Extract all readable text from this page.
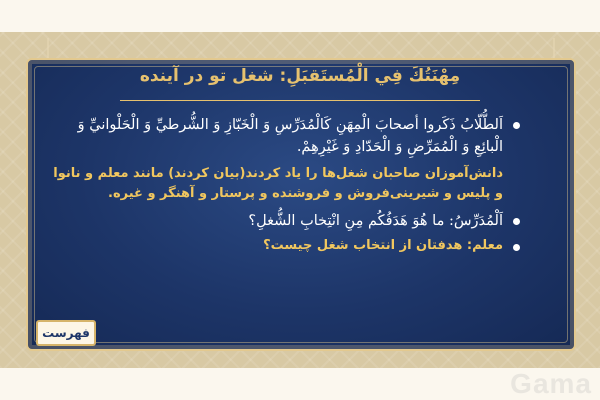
مِهْنَتُكَ فِي الْمُستَقبَلِ: شغل تو در آینده
اَلطُّلّابُ ذَكَروا أصحابَ الْمِهَنِ كَالْمُدَرِّسِ وَ الْخَبّازِ وَ الشُّرطيِّ وَ الْحَلْوانيِّ وَ الْبائِعِ وَ الْمُمَرِّضِ وَ الْحَدّادِ وَ غَيْرِهِمْ.
دانش‌آموزان صاحبان شغل‌ها را یاد کردند(بیان کردند) مانند معلم و نانوا و پلیس و شیرینی‌فروش و فروشنده و پرستار و آهنگر و غیره.
اَلْمُدَرِّسُ: ما هُوَ هَدَفُكُم مِنِ انْتِخابِ الشُّغلِ؟
معلم: هدفتان از انتخاب شغل چیست؟
فهرست
Gama
